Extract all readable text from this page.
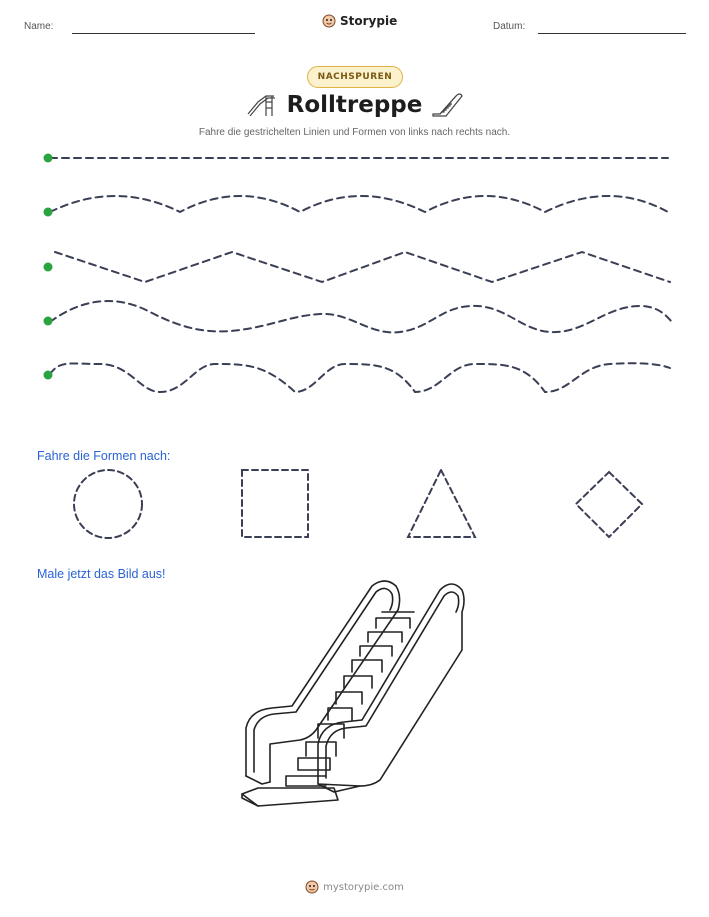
Name:	Storypie	Datum:
NACHSPUREN
Rolltreppe
Fahre die gestrichelten Linien und Formen von links nach rechts nach.
Fahre die Formen nach:
Male jetzt das Bild aus!
mystorypie.com
